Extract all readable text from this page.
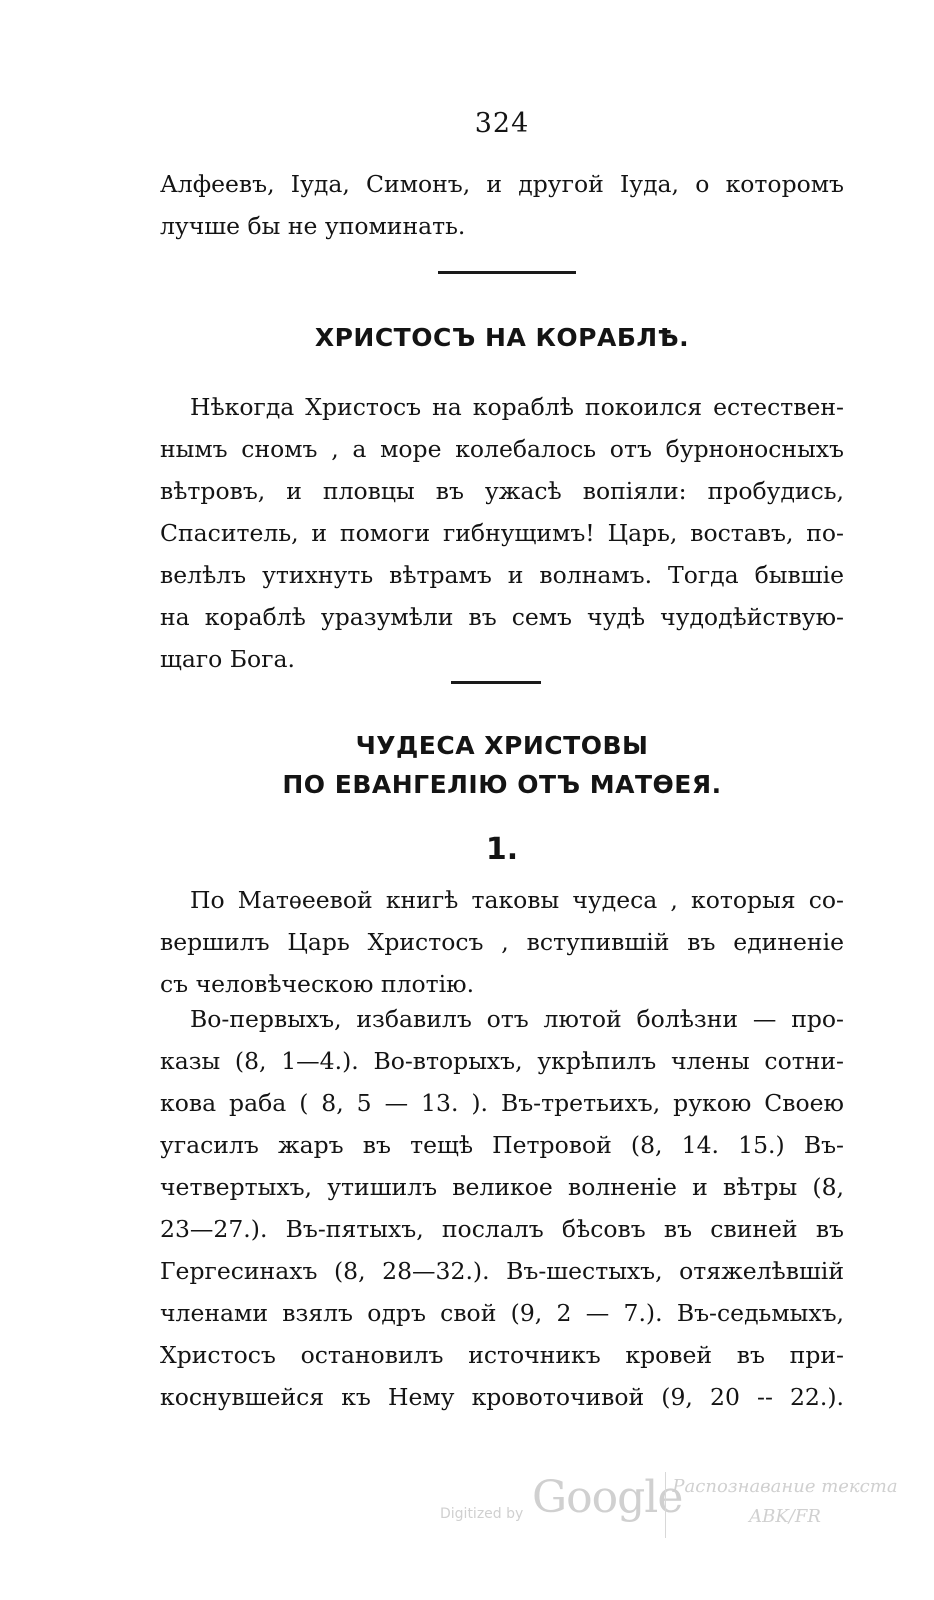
324
Алфеевъ, Іуда, Симонъ, и другой Іуда, о которомъ
лучше бы не упоминать.
ХРИСТОСЪ НА КОРАБЛѢ.
Нѣкогда Христосъ на кораблѣ покоился естествен-
нымъ сномъ , а море колебалось отъ бурноносныхъ
вѣтровъ, и пловцы въ ужасѣ вопіяли: пробудись,
Спаситель, и помоги гибнущимъ! Царь, воставъ, по-
велѣлъ утихнуть вѣтрамъ и волнамъ. Тогда бывшіе
на кораблѣ уразумѣли въ семъ чудѣ чудодѣйствую-
щаго Бога.
ЧУДЕСА ХРИСТОВЫ
ПО ЕВАНГЕЛІЮ ОТЪ МАТѲЕЯ.
1.
По Матѳеевой книгѣ таковы чудеса , которыя со-
вершилъ Царь Христосъ , вступившій въ единеніе
съ человѣческою плотію.
Во-первыхъ, избавилъ отъ лютой болѣзни — про-
казы (8, 1—4.). Во-вторыхъ, укрѣпилъ члены сотни-
кова раба ( 8, 5 — 13. ). Въ-третьихъ, рукою Своею
угасилъ жаръ въ тещѣ Петровой (8, 14. 15.) Въ-
четвертыхъ, утишилъ великое волненіе и вѣтры (8,
23—27.). Въ-пятыхъ, послалъ бѣсовъ въ свиней въ
Гергесинахъ (8, 28—32.). Въ-шестыхъ, отяжелѣвшій
членами взялъ одръ свой (9, 2 — 7.). Въ-седьмыхъ,
Христосъ остановилъ источникъ кровей въ при-
коснувшейся къ Нему кровоточивой (9, 20 -- 22.).
Digitized by Google
Распознавание текста
ABK/FR
